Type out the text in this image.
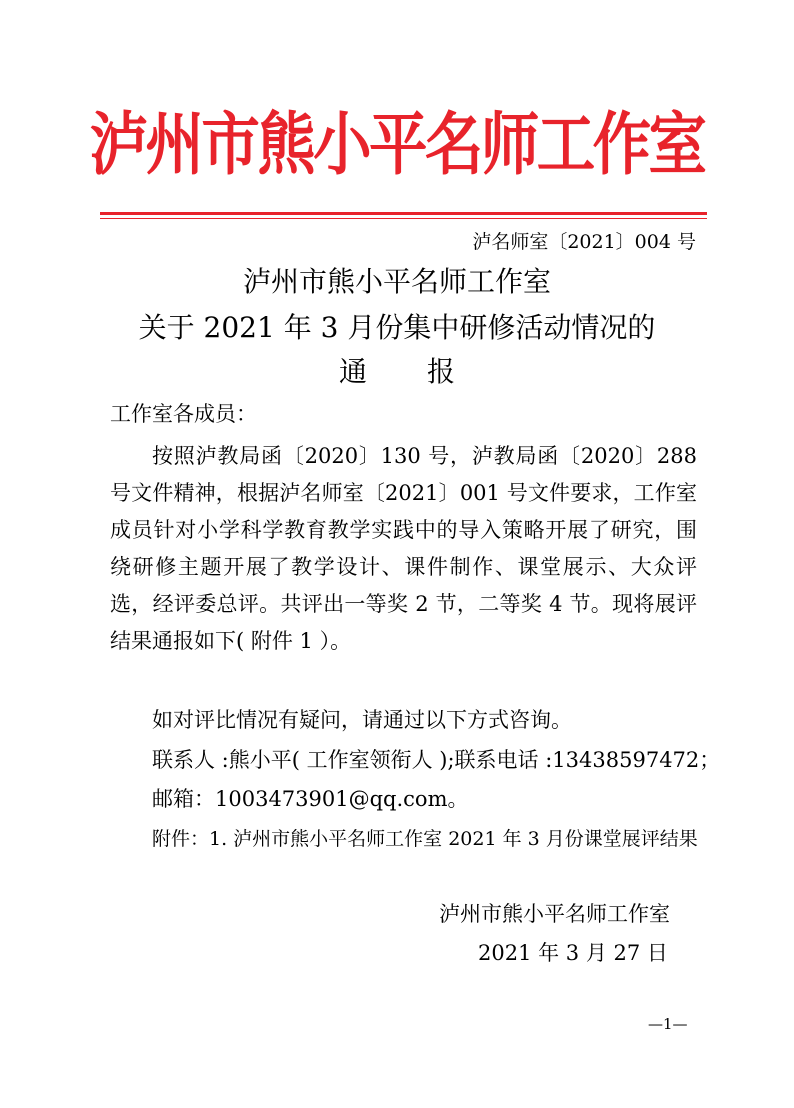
泸州市熊小平名师工作室
泸名师室〔2021〕004 号
泸州市熊小平名师工作室
关于 2021 年 3 月份集中研修活动情况的
通 报
工作室各成员：
按照泸教局函〔2020〕130 号，泸教局函〔2020〕288 号文件精神，根据泸名师室〔2021〕001 号文件要求，工作室成员针对小学科学教育教学实践中的导入策略开展了研究，围绕研修主题开展了教学设计、课件制作、课堂展示、大众评选，经评委总评。共评出一等奖 2 节，二等奖 4 节。现将展评结果通报如下( 附件 1 ）。
如对评比情况有疑问，请通过以下方式咨询。
联系人 :熊小平( 工作室领衔人 );联系电话 :13438597472；
邮箱：1003473901@qq.com。
附件：1. 泸州市熊小平名师工作室 2021 年 3 月份课堂展评结果
泸州市熊小平名师工作室
2021 年 3 月 27 日
—1—
